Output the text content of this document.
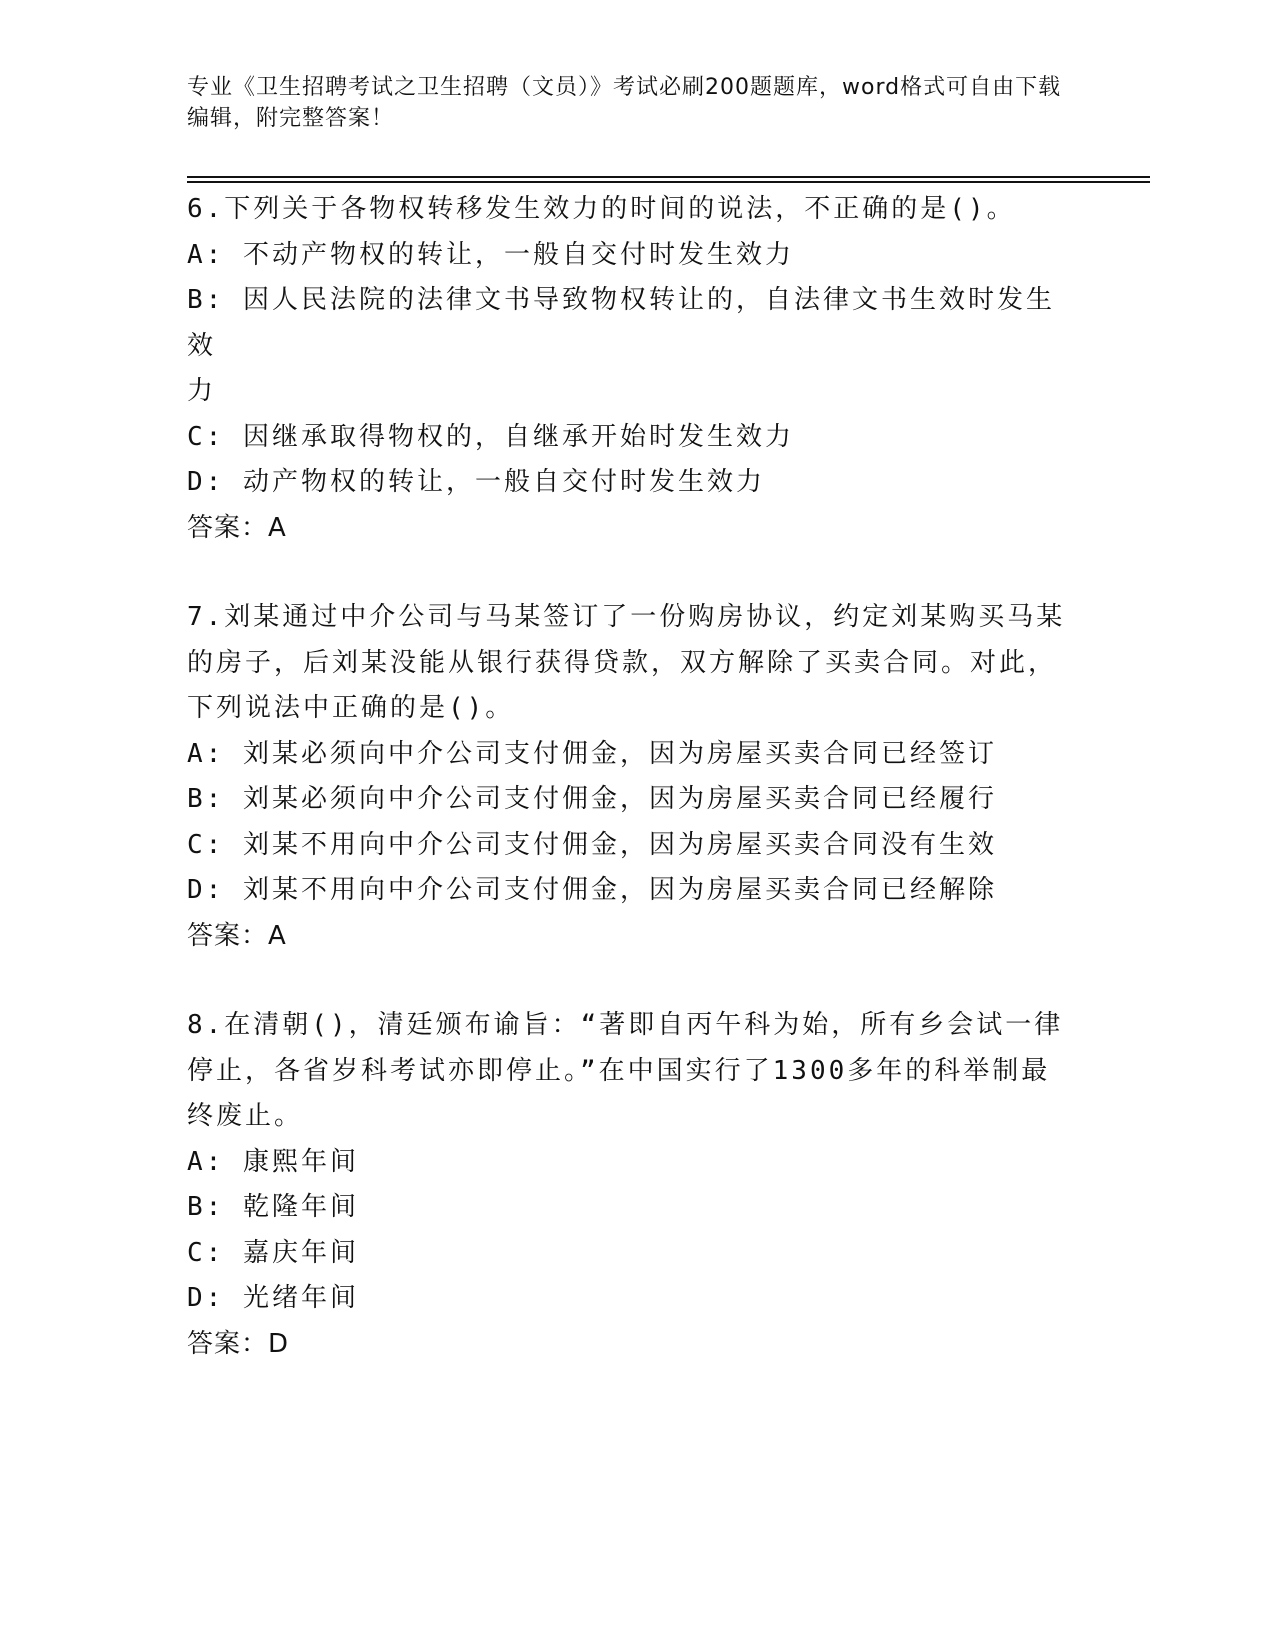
专业《卫生招聘考试之卫生招聘（文员）》考试必刷200题题库，word格式可自由下载编辑，附完整答案！

6.下列关于各物权转移发生效力的时间的说法，不正确的是()。

A: 不动产物权的转让，一般自交付时发生效力

B: 因人民法院的法律文书导致物权转让的，自法律文书生效时发生效

力

C: 因继承取得物权的，自继承开始时发生效力

D: 动产物权的转让，一般自交付时发生效力

答案：A

7.刘某通过中介公司与马某签订了一份购房协议，约定刘某购买马某

的房子，后刘某没能从银行获得贷款，双方解除了买卖合同。对此，

下列说法中正确的是()。

A: 刘某必须向中介公司支付佣金，因为房屋买卖合同已经签订

B: 刘某必须向中介公司支付佣金，因为房屋买卖合同已经履行

C: 刘某不用向中介公司支付佣金，因为房屋买卖合同没有生效

D: 刘某不用向中介公司支付佣金，因为房屋买卖合同已经解除

答案：A

8.在清朝()，清廷颁布谕旨：“著即自丙午科为始，所有乡会试一律

停止，各省岁科考试亦即停止。”在中国实行了1300多年的科举制最

终废止。

A: 康熙年间

B: 乾隆年间

C: 嘉庆年间

D: 光绪年间

答案：D
